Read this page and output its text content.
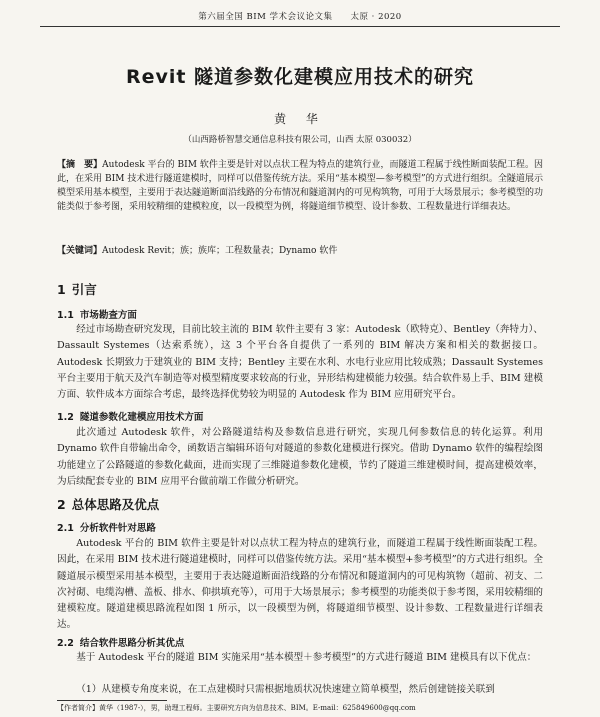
第六届全国 BIM 学术会议论文集　　太原 · 2020
Revit 隧道参数化建模应用技术的研究
黄 华
（山西路桥智慧交通信息科技有限公司，山西 太原 030032）
【摘　要】Autodesk 平台的 BIM 软件主要是针对以点状工程为特点的建筑行业，而隧道工程属于线性断面装配工程。因此，在采用 BIM 技术进行隧道建模时，同样可以借鉴传统方法。采用“基本模型—参考模型”的方式进行组织。全隧道展示模型采用基本模型，主要用于表达隧道断面沿线路的分布情况和隧道洞内的可见构筑物，可用于大场景展示；参考模型的功能类似于参考图，采用较精细的建模粒度，以一段模型为例，将隧道细节模型、设计参数、工程数量进行详细表达。
【关键词】Autodesk Revit；族；族库；工程数量表；Dynamo 软件
1 引言
1.1 市场勘查方面
经过市场勘查研究发现，目前比较主流的 BIM 软件主要有 3 家：Autodesk（欧特克）、Bentley（奔特力）、Dassault Systemes（达索系统），这 3 个平台各自提供了一系列的 BIM 解决方案和相关的数据接口。Autodesk 长期致力于建筑业的 BIM 支持；Bentley 主要在水利、水电行业应用比较成熟；Dassault Systemes 平台主要用于航天及汽车制造等对模型精度要求较高的行业，异形结构建模能力较强。结合软件易上手、BIM 建模方面、软件成本方面综合考虑，最终选择优势较为明显的 Autodesk 作为 BIM 应用研究平台。
1.2 隧道参数化建模应用技术方面
此次通过 Autodesk 软件，对公路隧道结构及参数信息进行研究，实现几何参数信息的转化运算。利用 Dynamo 软件自带输出命令，函数语言编辑环语句对隧道的参数化建模进行探究。借助 Dynamo 软件的编程绘图功能建立了公路隧道的参数化截面，进而实现了三维隧道参数化建模，节约了隧道三维建模时间，提高建模效率，为后续配套专业的 BIM 应用平台做前端工作做分析研究。
2 总体思路及优点
2.1 分析软件针对思路
Autodesk 平台的 BIM 软件主要是针对以点状工程为特点的建筑行业，而隧道工程属于线性断面装配工程。因此，在采用 BIM 技术进行隧道建模时，同样可以借鉴传统方法。采用“基本模型+参考模型”的方式进行组织。全隧道展示模型采用基本模型，主要用于表达隧道断面沿线路的分布情况和隧道洞内的可见构筑物（超前、初支、二次衬砌、电缆沟槽、盖板、排水、仰拱填充等），可用于大场景展示；参考模型的功能类似于参考图，采用较精细的建模粒度。隧道建模思路流程如图 1 所示，以一段模型为例，将隧道细节模型、设计参数、工程数量进行详细表达。
2.2 结合软件思路分析其优点
基于 Autodesk 平台的隧道 BIM 实施采用“基本模型＋参考模型”的方式进行隧道 BIM 建模具有以下优点：
（1）从建模专角度来说，在工点建模时只需根据地质状况快速建立简单模型，然后创建链接关联到
【作者简介】黄华（1987-），男，助理工程师。主要研究方向为信息技术、BIM。E-mail：625849600@qq.com
